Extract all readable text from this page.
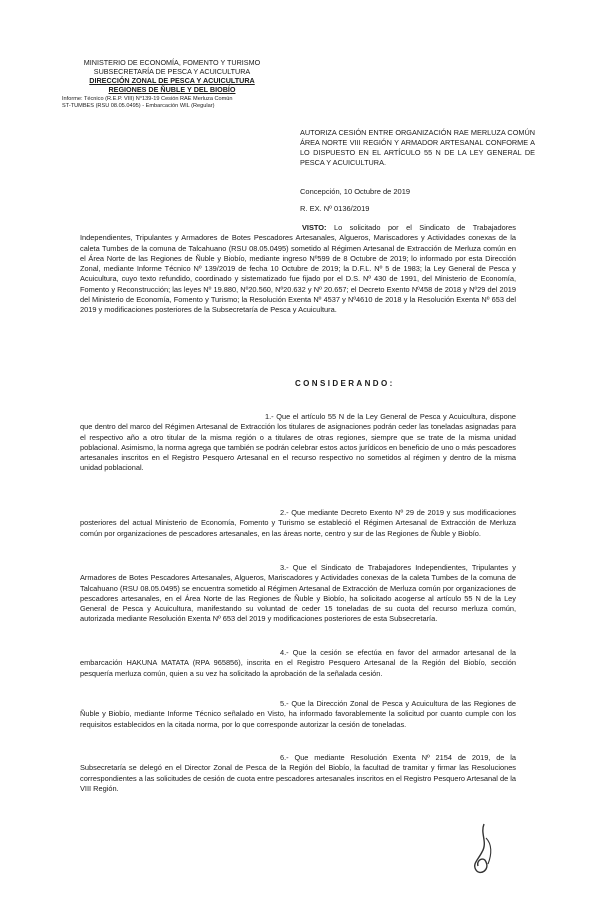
MINISTERIO DE ECONOMÍA, FOMENTO Y TURISMO
SUBSECRETARÍA DE PESCA Y ACUICULTURA
DIRECCIÓN ZONAL DE PESCA Y ACUICULTURA
REGIONES DE ÑUBLE Y DEL BIOBÍO
Informe: Técnico (R.E.P. VIII) N°139-19 Cesión RAE Merluza Común
ST-TUMBES (RSU 08.05.0495) - Embarcación WIL (Regular)
AUTORIZA CESIÓN ENTRE ORGANIZACIÓN RAE MERLUZA COMÚN ÁREA NORTE VIII REGIÓN Y ARMADOR ARTESANAL CONFORME A LO DISPUESTO EN EL ARTÍCULO 55 N DE LA LEY GENERAL DE PESCA Y ACUICULTURA.
Concepción, 10 Octubre de 2019
R. EX. Nº 0136/2019
VISTO: Lo solicitado por el Sindicato de Trabajadores Independientes, Tripulantes y Armadores de Botes Pescadores Artesanales, Algueros, Mariscadores y Actividades conexas de la caleta Tumbes de la comuna de Talcahuano (RSU 08.05.0495) sometido al Régimen Artesanal de Extracción de Merluza común en el Área Norte de las Regiones de Ñuble y Biobío, mediante ingreso Nº599 de 8 Octubre de 2019; lo informado por esta Dirección Zonal, mediante Informe Técnico Nº 139/2019 de fecha 10 Octubre de 2019; la D.F.L. Nº 5 de 1983; la Ley General de Pesca y Acuicultura, cuyo texto refundido, coordinado y sistematizado fue fijado por el D.S. Nº 430 de 1991, del Ministerio de Economía, Fomento y Reconstrucción; las leyes Nº 19.880, Nº20.560, Nº20.632 y Nº 20.657; el Decreto Exento Nº458 de 2018 y Nº29 del 2019 del Ministerio de Economía, Fomento y Turismo; la Resolución Exenta Nº 4537 y Nº4610 de 2018 y la Resolución Exenta Nº 653 del 2019 y modificaciones posteriores de la Subsecretaría de Pesca y Acuicultura.
CONSIDERANDO:
1.- Que el artículo 55 N de la Ley General de Pesca y Acuicultura, dispone que dentro del marco del Régimen Artesanal de Extracción los titulares de asignaciones podrán ceder las toneladas asignadas para el respectivo año a otro titular de la misma región o a titulares de otras regiones, siempre que se trate de la misma unidad poblacional. Asimismo, la norma agrega que también se podrán celebrar estos actos jurídicos en beneficio de uno o más pescadores artesanales inscritos en el Registro Pesquero Artesanal en el recurso respectivo no sometidos al régimen y dentro de la misma unidad poblacional.
2.- Que mediante Decreto Exento Nº 29 de 2019 y sus modificaciones posteriores del actual Ministerio de Economía, Fomento y Turismo se estableció el Régimen Artesanal de Extracción de Merluza común por organizaciones de pescadores artesanales, en las áreas norte, centro y sur de las Regiones de Ñuble y Biobío.
3.- Que el Sindicato de Trabajadores Independientes, Tripulantes y Armadores de Botes Pescadores Artesanales, Algueros, Mariscadores y Actividades conexas de la caleta Tumbes de la comuna de Talcahuano (RSU 08.05.0495) se encuentra sometido al Régimen Artesanal de Extracción de Merluza común por organizaciones de pescadores artesanales, en el Área Norte de las Regiones de Ñuble y Biobío, ha solicitado acogerse al artículo 55 N de la Ley General de Pesca y Acuicultura, manifestando su voluntad de ceder 15 toneladas de su cuota del recurso merluza común, autorizada mediante Resolución Exenta Nº 653 del 2019 y modificaciones posteriores de esta Subsecretaría.
4.- Que la cesión se efectúa en favor del armador artesanal de la embarcación HAKUNA MATATA (RPA 965856), inscrita en el Registro Pesquero Artesanal de la Región del Biobío, sección pesquería merluza común, quien a su vez ha solicitado la aprobación de la señalada cesión.
5.- Que la Dirección Zonal de Pesca y Acuicultura de las Regiones de Ñuble y Biobío, mediante Informe Técnico señalado en Visto, ha informado favorablemente la solicitud por cuanto cumple con los requisitos establecidos en la citada norma, por lo que corresponde autorizar la cesión de toneladas.
6.- Que mediante Resolución Exenta Nº 2154 de 2019, de la Subsecretaría se delegó en el Director Zonal de Pesca de la Región del Biobío, la facultad de tramitar y firmar las Resoluciones correspondientes a las solicitudes de cesión de cuota entre pescadores artesanales inscritos en el Registro Pesquero Artesanal de la VIII Región.
